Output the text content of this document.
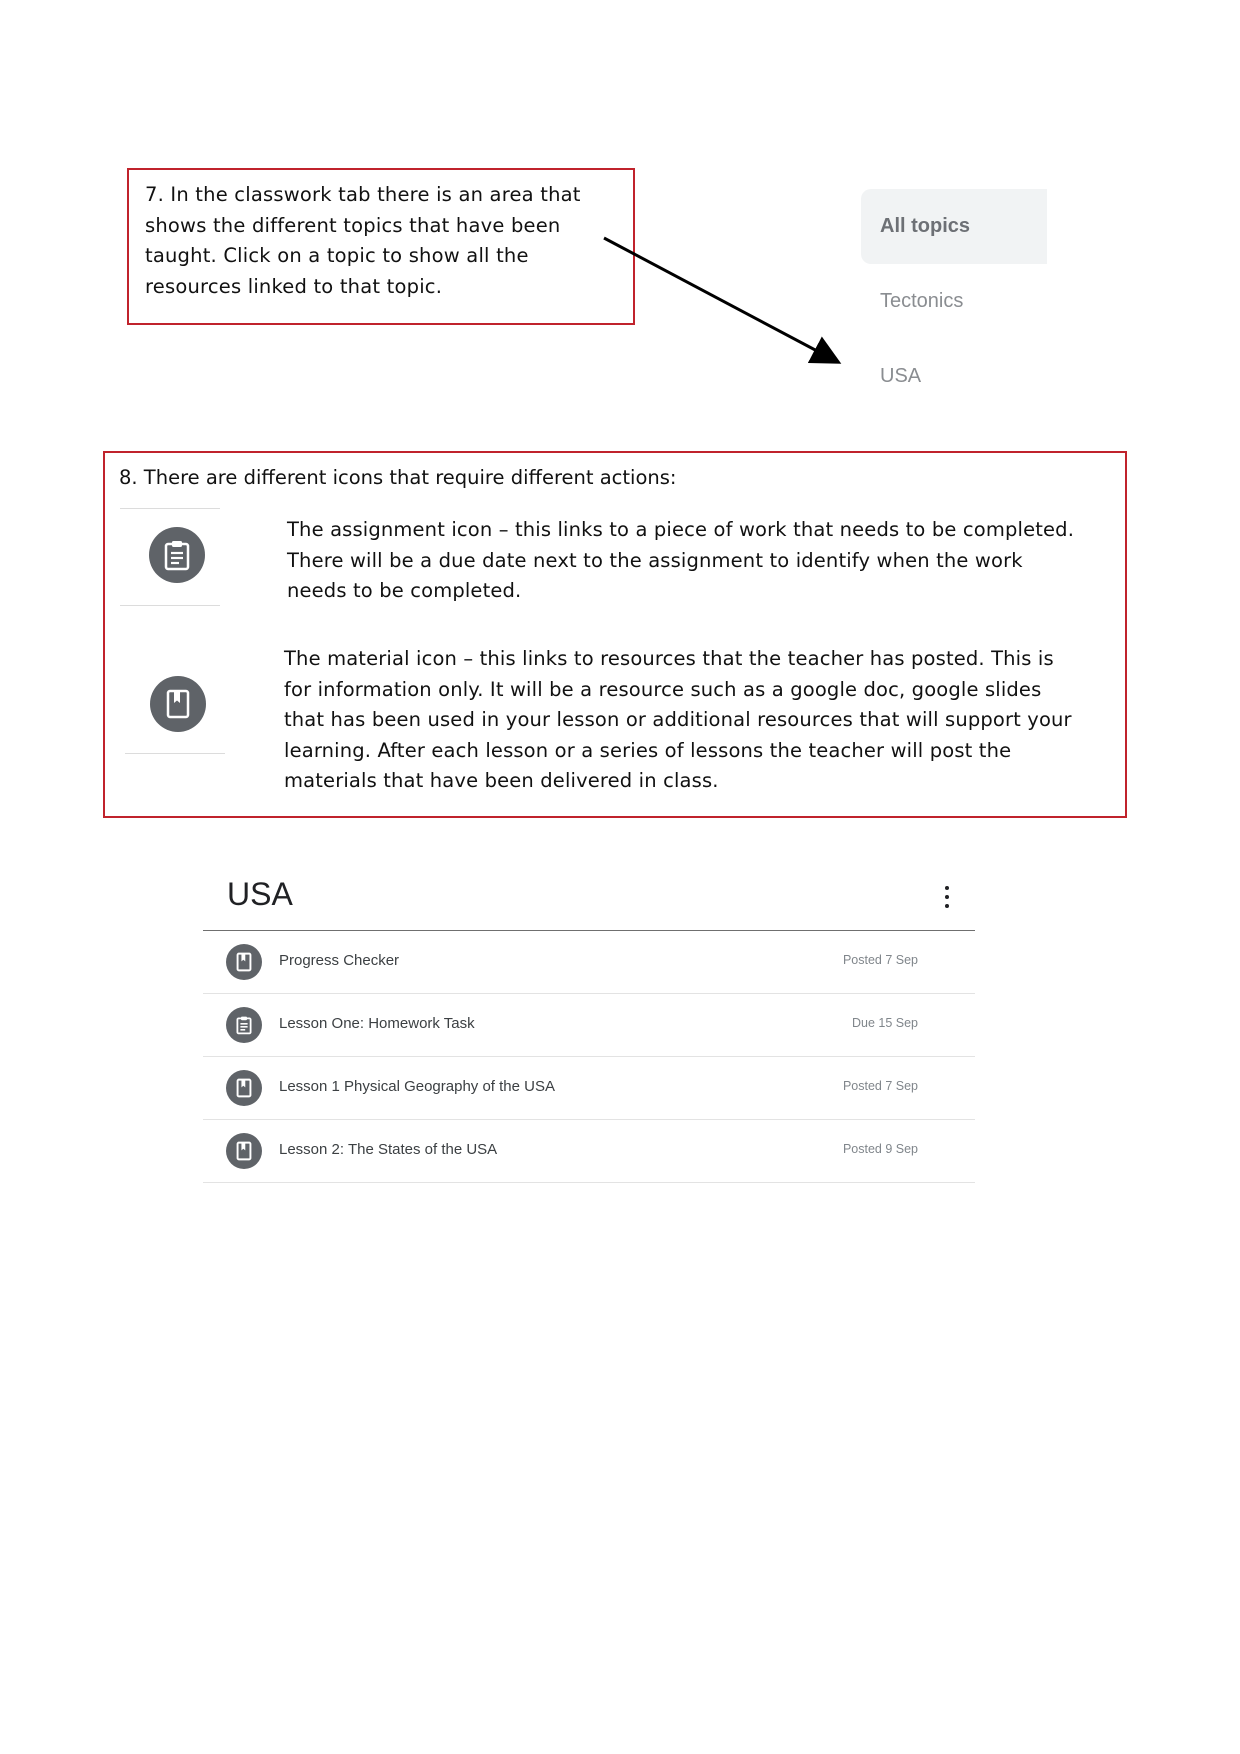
7. In the classwork tab there is an area that shows the different topics that have been taught. Click on a topic to show all the resources linked to that topic.

All topics
Tectonics
USA

8. There are different icons that require different actions:

The assignment icon – this links to a piece of work that needs to be completed. There will be a due date next to the assignment to identify when the work needs to be completed.

The material icon – this links to resources that the teacher has posted. This is for information only. It will be a resource such as a google doc, google slides that has been used in your lesson or additional resources that will support your learning. After each lesson or a series of lessons the teacher will post the materials that have been delivered in class.

USA
Progress Checker	Posted 7 Sep
Lesson One: Homework Task	Due 15 Sep
Lesson 1 Physical Geography of the USA	Posted 7 Sep
Lesson 2: The States of the USA	Posted 9 Sep
